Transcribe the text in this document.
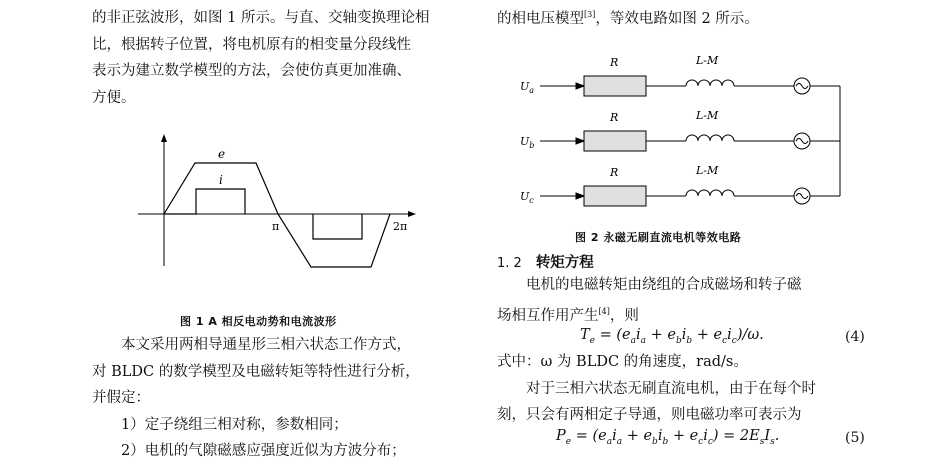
的非正弦波形，如图 1 所示。与直、交轴变换理论相

比，根据转子位置，将电机原有的相变量分段线性

表示为建立数学模型的方法，会使仿真更加准确、

方便。

e
i
π	2π
图 1 A 相反电动势和电流波形

本文采用两相导通星形三相六状态工作方式，

对 BLDC 的数学模型及电磁转矩等特性进行分析，

并假定：

1）定子绕组三相对称，参数相同；

2）电机的气隙磁感应强度近似为方波分布；

的相电压模型[3]，等效电路如图 2 所示。
$U_a$
$U_b$
$U_c$
R
R
R
L-M
L-M
L-M
图 2 永磁无刷直流电机等效电路
1. 2 转矩方程

电机的电磁转矩由绕组的合成磁场和转子磁

场相互作用产生[4]，则

$T_e = (e_ai_a + e_bi_b + e_ci_c)/\omega$.	(4)

式中：ω 为 BLDC 的角速度，rad/s。

对于三相六状态无刷直流电机，由于在每个时

刻，只会有两相定子导通，则电磁功率可表示为

$P_e = (e_ai_a + e_bi_b + e_ci_c) = 2E_sI_s$.	(5)
